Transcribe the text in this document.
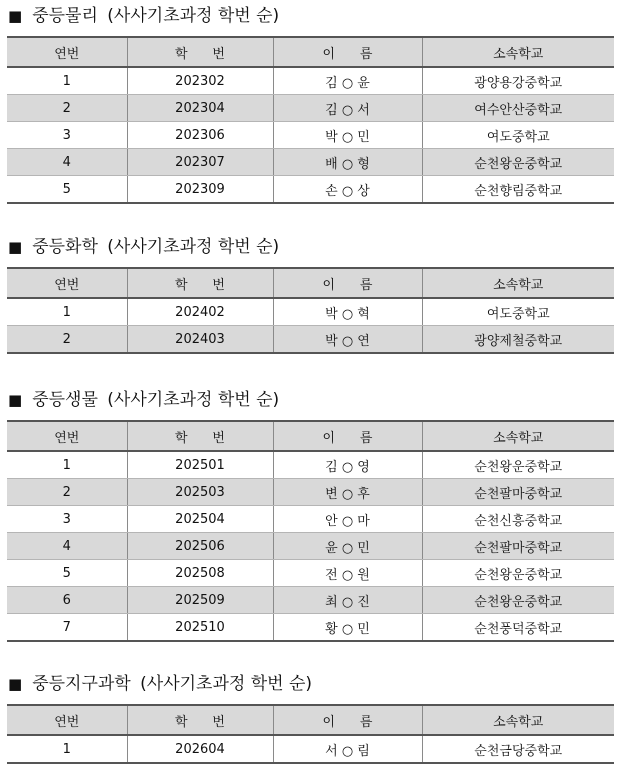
■ 중등물리 (사사기초과정 학번 순)
연번	학      번	이      름	소속학교
1	202302	김 ○ 윤	광양용강중학교
2	202304	김 ○ 서	여수안산중학교
3	202306	박 ○ 민	여도중학교
4	202307	배 ○ 형	순천왕운중학교
5	202309	손 ○ 상	순천향림중학교
■ 중등화학 (사사기초과정 학번 순)
연번	학      번	이      름	소속학교
1	202402	박 ○ 혁	여도중학교
2	202403	박 ○ 연	광양제철중학교
■ 중등생물 (사사기초과정 학번 순)
연번	학      번	이      름	소속학교
1	202501	김 ○ 영	순천왕운중학교
2	202503	변 ○ 후	순천팔마중학교
3	202504	안 ○ 마	순천신흥중학교
4	202506	윤 ○ 민	순천팔마중학교
5	202508	전 ○ 원	순천왕운중학교
6	202509	최 ○ 진	순천왕운중학교
7	202510	황 ○ 민	순천풍덕중학교
■ 중등지구과학 (사사기초과정 학번 순)
연번	학      번	이      름	소속학교
1	202604	서 ○ 림	순천금당중학교
